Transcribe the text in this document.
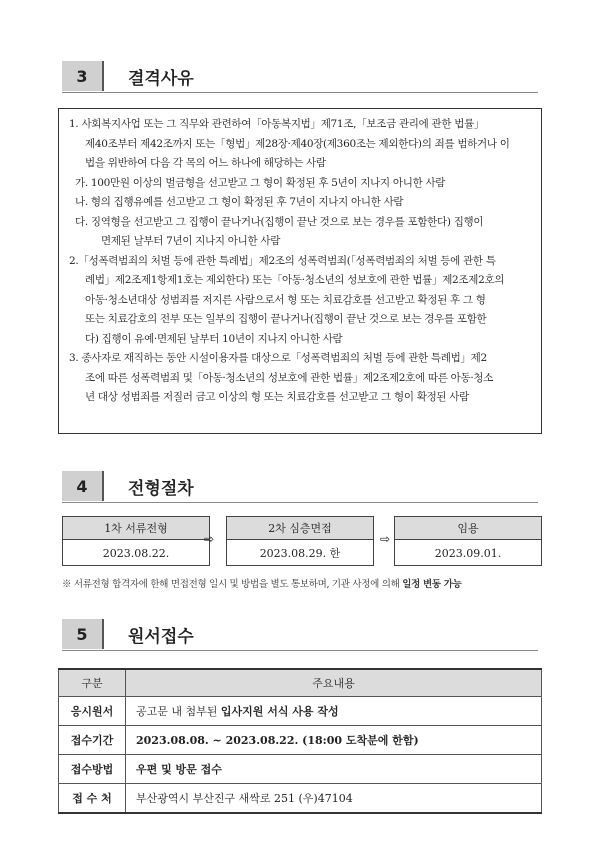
3	결격사유

1. 사회복지사업 또는 그 직무와 관련하여「아동복지법」제71조,「보조금 관리에 관한 법률」

제40조부터 제42조까지 또는「형법」제28장·제40장(제360조는 제외한다)의 죄를 범하거나 이

법을 위반하여 다음 각 목의 어느 하나에 해당하는 사람

가. 100만원 이상의 벌금형을 선고받고 그 형이 확정된 후 5년이 지나지 아니한 사람

나. 형의 집행유예를 선고받고 그 형이 확정된 후 7년이 지나지 아니한 사람

다. 징역형을 선고받고 그 집행이 끝나거나(집행이 끝난 것으로 보는 경우를 포함한다) 집행이

면제된 날부터 7년이 지나지 아니한 사람

2.「성폭력범죄의 처벌 등에 관한 특례법」제2조의 성폭력범죄(「성폭력범죄의 처벌 등에 관한 특

례법」제2조제1항제1호는 제외한다) 또는「아동·청소년의 성보호에 관한 법률」제2조제2호의

아동·청소년대상 성범죄를 저지른 사람으로서 형 또는 치료감호를 선고받고 확정된 후 그 형

또는 치료감호의 전부 또는 일부의 집행이 끝나거나(집행이 끝난 것으로 보는 경우를 포함한

다) 집행이 유예·면제된 날부터 10년이 지나지 아니한 사람

3. 종사자로 재직하는 동안 시설이용자를 대상으로「성폭력범죄의 처벌 등에 관한 특례법」제2

조에 따른 성폭력범죄 및「아동·청소년의 성보호에 관한 법률」제2조제2호에 따른 아동·청소

년 대상 성범죄를 저질러 금고 이상의 형 또는 치료감호를 선고받고 그 형이 확정된 사람

4	전형절차
1차 서류전형
2023.08.22.
⇨
2차 심층면접
2023.08.29. 한
⇨
임용
2023.09.01.
※ 서류전형 합격자에 한해 면접전형 일시 및 방법을 별도 통보하며, 기관 사정에 의해 일정 변동 가능
5	원서접수
구분	주요내용
응시원서	공고문 내 첨부된 입사지원 서식 사용 작성
접수기간	2023.08.08. ~ 2023.08.22. (18:00 도착분에 한함)
접수방법	우편 및 방문 접수
접 수 처	부산광역시 부산진구 새싹로 251 (우)47104
